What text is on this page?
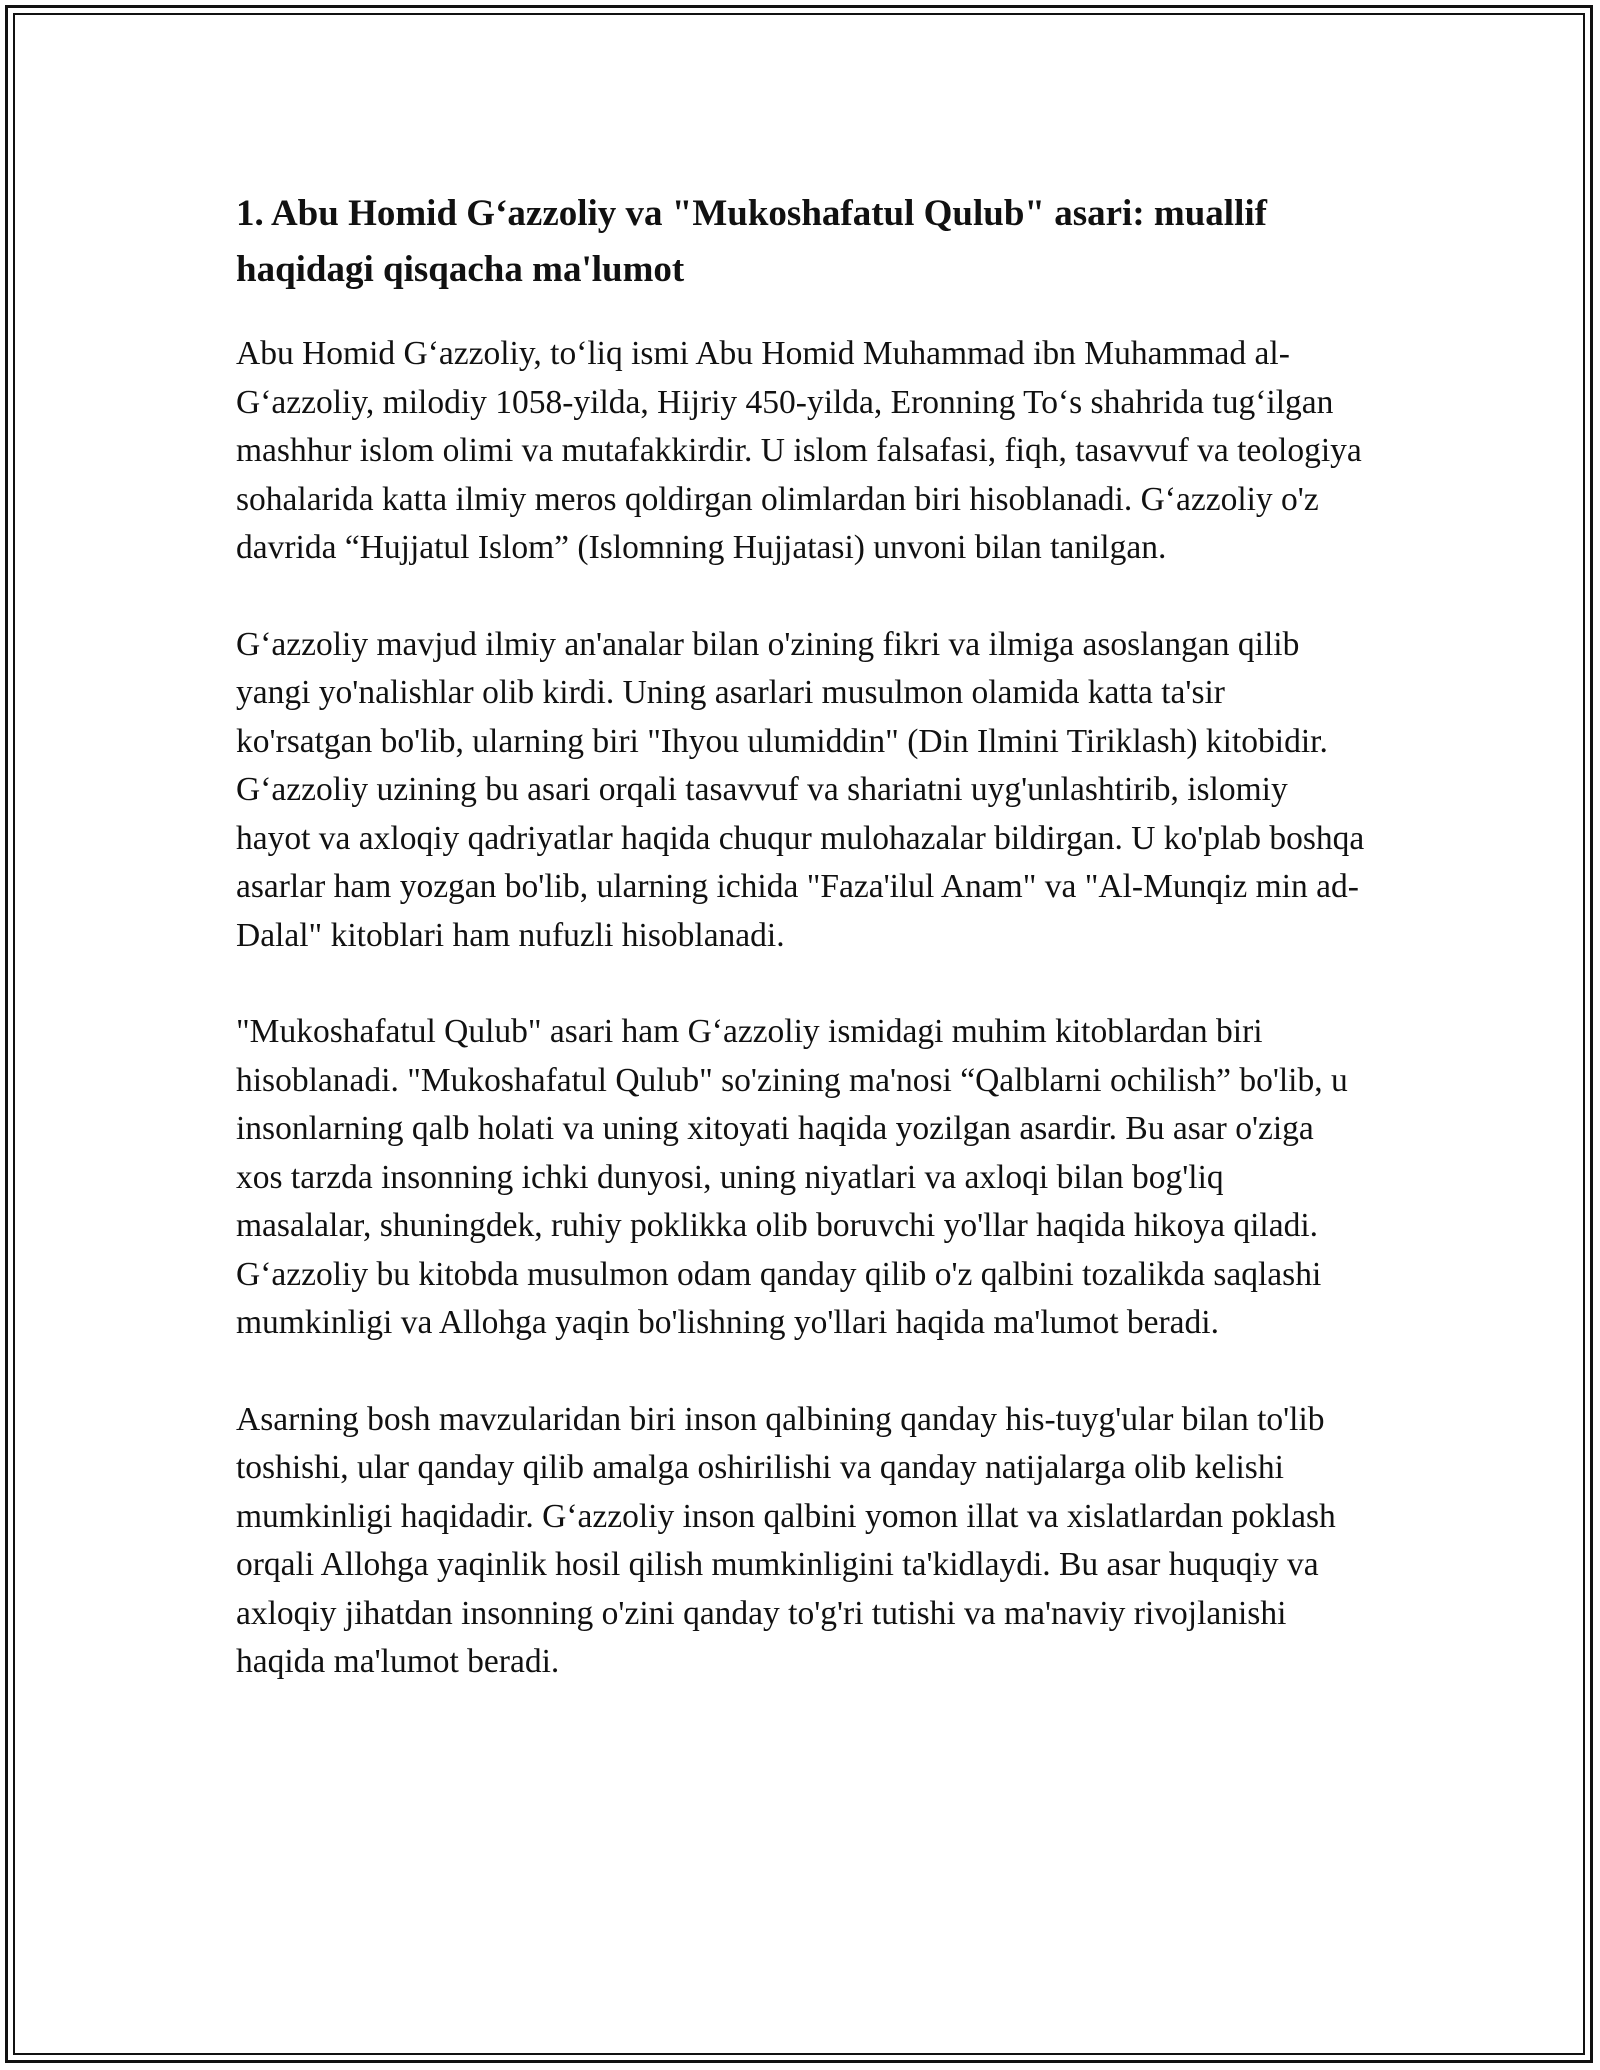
1. Abu Homid G‘azzoliy va "Mukoshafatul Qulub" asari: muallif haqidagi qisqacha ma'lumot

Abu Homid G‘azzoliy, to‘liq ismi Abu Homid Muhammad ibn Muhammad al-G‘azzoliy, milodiy 1058-yilda, Hijriy 450-yilda, Eronning To‘s shahrida tug‘ilgan mashhur islom olimi va mutafakkirdir. U islom falsafasi, fiqh, tasavvuf va teologiya sohalarida katta ilmiy meros qoldirgan olimlardan biri hisoblanadi. G‘azzoliy o'z davrida “Hujjatul Islom” (Islomning Hujjatasi) unvoni bilan tanilgan.

G‘azzoliy mavjud ilmiy an'analar bilan o'zining fikri va ilmiga asoslangan qilib yangi yo'nalishlar olib kirdi. Uning asarlari musulmon olamida katta ta'sir ko'rsatgan bo'lib, ularning biri "Ihyou ulumiddin" (Din Ilmini Tiriklash) kitobidir. G‘azzoliy uzining bu asari orqali tasavvuf va shariatni uyg'unlashtirib, islomiy hayot va axloqiy qadriyatlar haqida chuqur mulohazalar bildirgan. U ko'plab boshqa asarlar ham yozgan bo'lib, ularning ichida "Faza'ilul Anam" va "Al-Munqiz min ad-Dalal" kitoblari ham nufuzli hisoblanadi.

"Mukoshafatul Qulub" asari ham G‘azzoliy ismidagi muhim kitoblardan biri hisoblanadi. "Mukoshafatul Qulub" so'zining ma'nosi “Qalblarni ochilish” bo'lib, u insonlarning qalb holati va uning xitoyati haqida yozilgan asardir. Bu asar o'ziga xos tarzda insonning ichki dunyosi, uning niyatlari va axloqi bilan bog'liq masalalar, shuningdek, ruhiy poklikka olib boruvchi yo'llar haqida hikoya qiladi. G‘azzoliy bu kitobda musulmon odam qanday qilib o'z qalbini tozalikda saqlashi mumkinligi va Allohga yaqin bo'lishning yo'llari haqida ma'lumot beradi.

Asarning bosh mavzularidan biri inson qalbining qanday his-tuyg'ular bilan to'lib toshishi, ular qanday qilib amalga oshirilishi va qanday natijalarga olib kelishi mumkinligi haqidadir. G‘azzoliy inson qalbini yomon illat va xislatlardan poklash orqali Allohga yaqinlik hosil qilish mumkinligini ta'kidlaydi. Bu asar huquqiy va axloqiy jihatdan insonning o'zini qanday to'g'ri tutishi va ma'naviy rivojlanishi haqida ma'lumot beradi.
